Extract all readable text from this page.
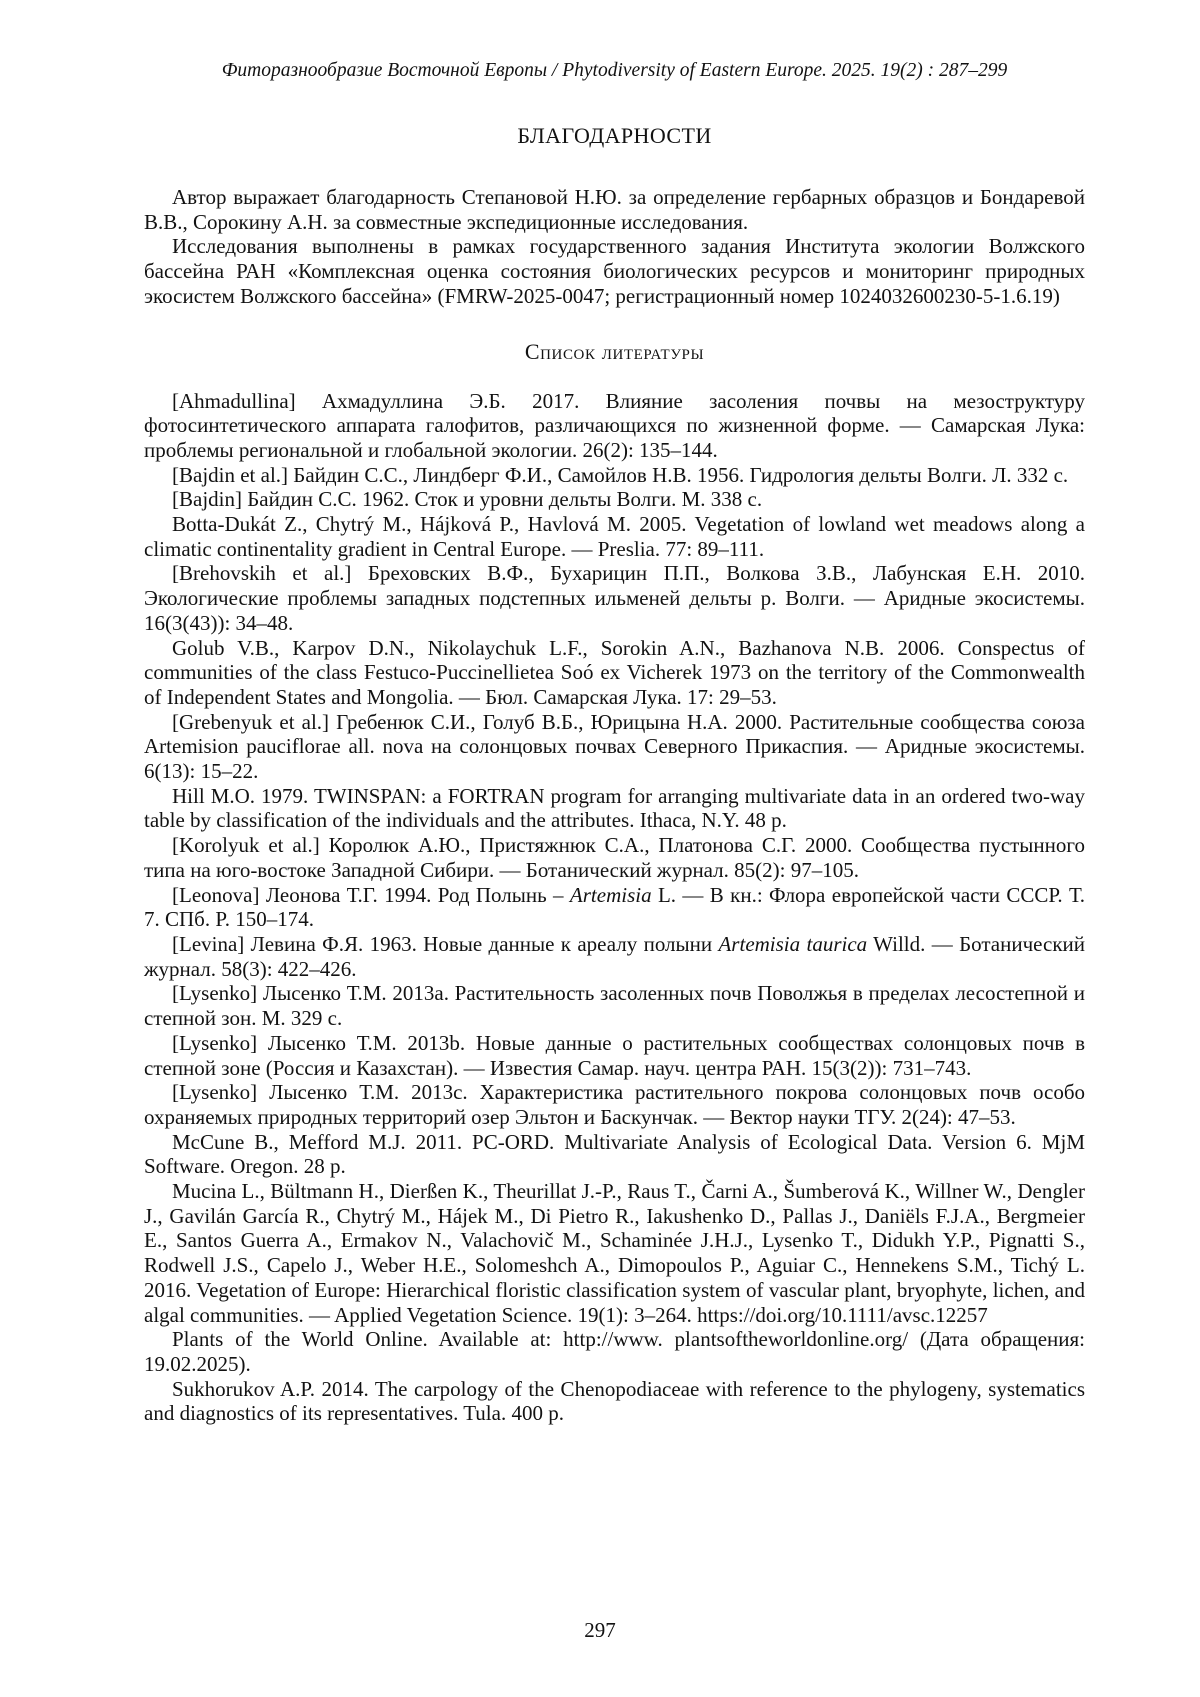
Фиторазнообразие Восточной Европы / Phytodiversity of Eastern Europe. 2025. 19(2) : 287–299
БЛАГОДАРНОСТИ

Автор выражает благодарность Степановой Н.Ю. за определение гербарных образцов и Бондаревой В.В., Сорокину А.Н. за совместные экспедиционные исследования.

Исследования выполнены в рамках государственного задания Института экологии Волжского бассейна РАН «Комплексная оценка состояния биологических ресурсов и мониторинг природных экосистем Волжского бассейна» (FMRW-2025-0047; регистрационный номер 1024032600230-5-1.6.19)

Список литературы

[Ahmadullina] Ахмадуллина Э.Б. 2017. Влияние засоления почвы на мезоструктуру фотосинтетического аппарата галофитов, различающихся по жизненной форме. — Самарская Лука: проблемы региональной и глобальной экологии. 26(2): 135–144.

[Bajdin et al.] Байдин С.С., Линдберг Ф.И., Самойлов Н.В. 1956. Гидрология дельты Волги. Л. 332 с.

[Bajdin] Байдин С.С. 1962. Сток и уровни дельты Волги. М. 338 с.

Botta-Dukát Z., Chytrý M., Hájková P., Havlová M. 2005. Vegetation of lowland wet meadows along a climatic continentality gradient in Central Europe. — Preslia. 77: 89–111.

[Brehovskih et al.] Бреховских В.Ф., Бухарицин П.П., Волкова З.В., Лабунская Е.Н. 2010. Экологические проблемы западных подстепных ильменей дельты р. Волги. — Аридные экосистемы. 16(3(43)): 34–48.

Golub V.B., Karpov D.N., Nikolaychuk L.F., Sorokin A.N., Bazhanova N.B. 2006. Conspectus of communities of the class Festuco-Puccinellietea Soó ex Vicherek 1973 on the territory of the Commonwealth of Independent States and Mongolia. — Бюл. Самарская Лука. 17: 29–53.

[Grebenyuk et al.] Гребенюк С.И., Голуб В.Б., Юрицына Н.А. 2000. Растительные сообщества союза Artemision pauciflorae all. nova на солонцовых почвах Северного Прикаспия. — Аридные экосистемы. 6(13): 15–22.

Hill M.O. 1979. TWINSPAN: a FORTRAN program for arranging multivariate data in an ordered two-way table by classification of the individuals and the attributes. Ithaca, N.Y. 48 p.

[Korolyuk et al.] Королюк А.Ю., Пристяжнюк С.А., Платонова С.Г. 2000. Сообщества пустынного типа на юго-востоке Западной Сибири. — Ботанический журнал. 85(2): 97–105.

[Leonova] Леонова Т.Г. 1994. Род Полынь – Artemisia L. — В кн.: Флора европейской части СССР. Т. 7. СПб. P. 150–174.

[Levina] Левина Ф.Я. 1963. Новые данные к ареалу полыни Artemisia taurica Willd. — Ботанический журнал. 58(3): 422–426.

[Lysenko] Лысенко Т.М. 2013a. Растительность засоленных почв Поволжья в пределах лесостепной и степной зон. М. 329 с.

[Lysenko] Лысенко Т.М. 2013b. Новые данные о растительных сообществах солонцовых почв в степной зоне (Россия и Казахстан). — Известия Самар. науч. центра РАН. 15(3(2)): 731–743.

[Lysenko] Лысенко Т.М. 2013c. Характеристика растительного покрова солонцовых почв особо охраняемых природных территорий озер Эльтон и Баскунчак. — Вектор науки ТГУ. 2(24): 47–53.

McCune B., Mefford M.J. 2011. PC-ORD. Multivariate Analysis of Ecological Data. Version 6. MjM Software. Oregon. 28 p.

Mucina L., Bültmann H., Dierßen K., Theurillat J.-P., Raus T., Čarni A., Šumberová K., Willner W., Dengler J., Gavilán García R., Chytrý M., Hájek M., Di Pietro R., Iakushenko D., Pallas J., Daniëls F.J.A., Bergmeier E., Santos Guerra A., Ermakov N., Valachovič M., Schaminée J.H.J., Lysenko T., Didukh Y.P., Pignatti S., Rodwell J.S., Capelo J., Weber H.E., Solomeshch A., Dimopoulos P., Aguiar C., Hennekens S.M., Tichý L. 2016. Vegetation of Europe: Hierarchical floristic classification system of vascular plant, bryophyte, lichen, and algal communities. — Applied Vegetation Science. 19(1): 3–264. https://doi.org/10.1111/avsc.12257

Plants of the World Online. Available at: http://www. plantsoftheworldonline.org/ (Дата обращения: 19.02.2025).

Sukhorukov A.P. 2014. The carpology of the Chenopodiaceae with reference to the phylogeny, systematics and diagnostics of its representatives. Tula. 400 p.

297
